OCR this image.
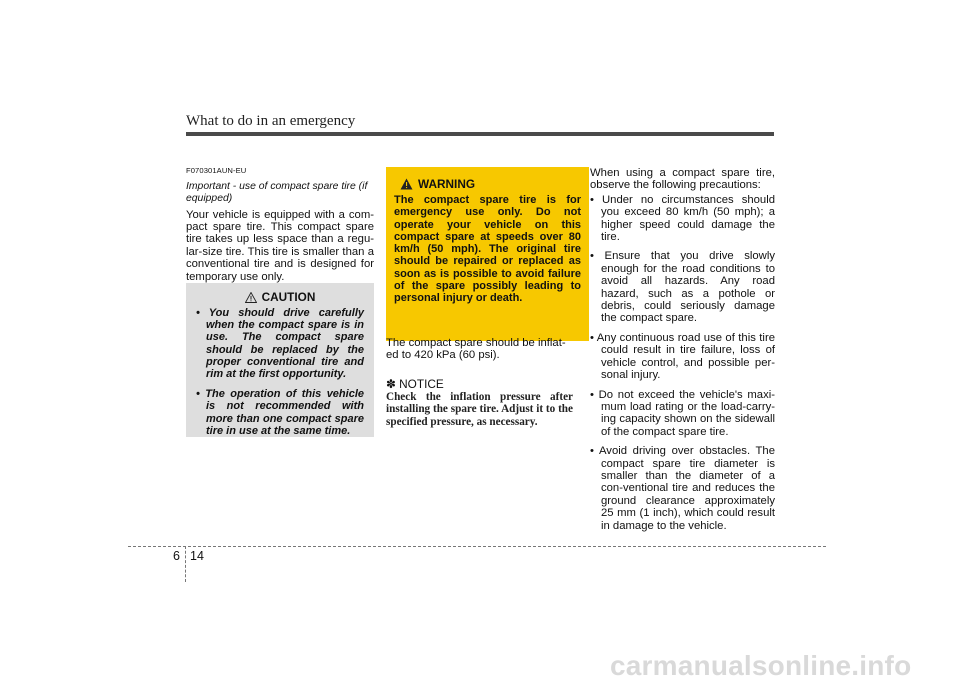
What to do in an emergency
F070301AUN-EU
Important - use of compact spare tire (if equipped)
Your vehicle is equipped with a com-pact spare tire. This compact spare tire takes up less space than a regu-lar-size tire. This tire is smaller than a conventional tire and is designed for temporary use only.
CAUTION
• You should drive carefully when the compact spare is in use. The compact spare should be replaced by the proper conventional tire and rim at the first opportunity.
• The operation of this vehicle is not recommended with more than one compact spare tire in use at the same time.
WARNING
The compact spare tire is for emergency use only. Do not operate your vehicle on this compact spare at speeds over 80 km/h (50 mph). The original tire should be repaired or replaced as soon as is possible to avoid failure of the spare possibly leading to personal injury or death.
The compact spare should be inflat-ed to 420 kPa (60 psi).
✽ NOTICE
Check the inflation pressure after installing the spare tire. Adjust it to the specified pressure, as necessary.
When using a compact spare tire, observe the following precautions:
• Under no circumstances should you exceed 80 km/h (50 mph); a higher speed could damage the tire.
• Ensure that you drive slowly enough for the road conditions to avoid all hazards. Any road hazard, such as a pothole or debris, could seriously damage the compact spare.
• Any continuous road use of this tire could result in tire failure, loss of vehicle control, and possible per-sonal injury.
• Do not exceed the vehicle's maxi-mum load rating or the load-carry-ing capacity shown on the sidewall of the compact spare tire.
• Avoid driving over obstacles. The compact spare tire diameter is smaller than the diameter of a con-ventional tire and reduces the ground clearance approximately 25 mm (1 inch), which could result in damage to the vehicle.
6 14
carmanualsonline.info
